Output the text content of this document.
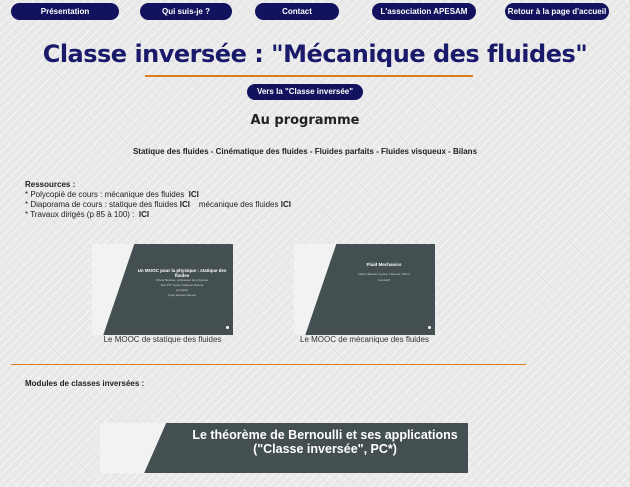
Présentation	Qui suis-je ?	Contact	L'association APESAM	Retour à la page d'accueil
Classe inversée : "Mécanique des fluides"
Vers la "Classe inversée"
Au programme
Statique des fluides - Cinématique des fluides - Fluides parfaits - Fluides visqueux - Bilans
Ressources :
* Polycopié de cours : mécanique des fluides ICI
* Diaporama de cours : statique des fluides ICI mécanique des fluides ICI
* Travaux dirigés (p 85 à 100) : ICI
Un MOOC pour la physique : statique des fluides
Olivier Bosnier, professeur de physique
Spé PC* Lycée Jacques Decour
[contact]
lycee jacques decour
Le MOOC de statique des fluides
Fluid Mechanics
Olivier Bosnier (Lycée J.Decour, Paris)
[contact]
Le MOOC de mécanique des fluides
Modules de classes inversées :
Le théorème de Bernoulli et ses applications ("Classe inversée", PC*)
